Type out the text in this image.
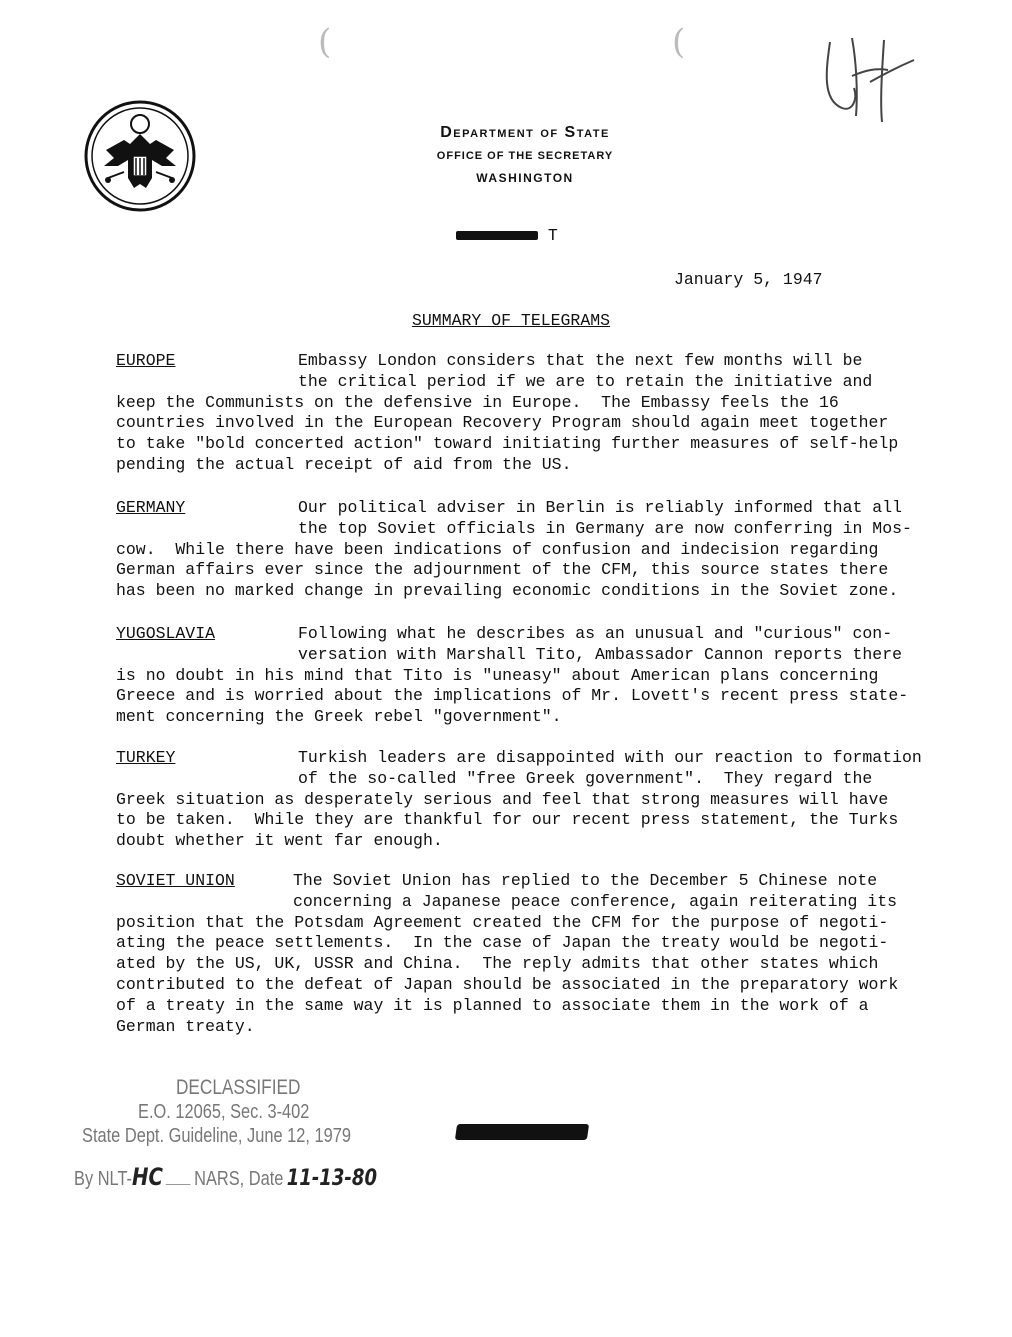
(	(
Department of State
OFFICE OF THE SECRETARY
WASHINGTON
T
January 5, 1947
SUMMARY OF TELEGRAMS
EUROPE	Embassy London considers that the next few months will be
the critical period if we are to retain the initiative and
keep the Communists on the defensive in Europe.  The Embassy feels the 16
countries involved in the European Recovery Program should again meet together
to take "bold concerted action" toward initiating further measures of self-help
pending the actual receipt of aid from the US.
GERMANY	Our political adviser in Berlin is reliably informed that all
the top Soviet officials in Germany are now conferring in Mos-
cow.  While there have been indications of confusion and indecision regarding
German affairs ever since the adjournment of the CFM, this source states there
has been no marked change in prevailing economic conditions in the Soviet zone.
YUGOSLAVIA	Following what he describes as an unusual and "curious" con-
versation with Marshall Tito, Ambassador Cannon reports there
is no doubt in his mind that Tito is "uneasy" about American plans concerning
Greece and is worried about the implications of Mr. Lovett's recent press state-
ment concerning the Greek rebel "government".
TURKEY	Turkish leaders are disappointed with our reaction to formation
of the so-called "free Greek government".  They regard the
Greek situation as desperately serious and feel that strong measures will have
to be taken.  While they are thankful for our recent press statement, the Turks
doubt whether it went far enough.
SOVIET UNION	The Soviet Union has replied to the December 5 Chinese note
concerning a Japanese peace conference, again reiterating its
position that the Potsdam Agreement created the CFM for the purpose of negoti-
ating the peace settlements.  In the case of Japan the treaty would be negoti-
ated by the US, UK, USSR and China.  The reply admits that other states which
contributed to the defeat of Japan should be associated in the preparatory work
of a treaty in the same way it is planned to associate them in the work of a
German treaty.
DECLASSIFIED
E.O. 12065, Sec. 3-402
State Dept. Guideline, June 12, 1979
By NLT-HC NARS, Date 11-13-80
